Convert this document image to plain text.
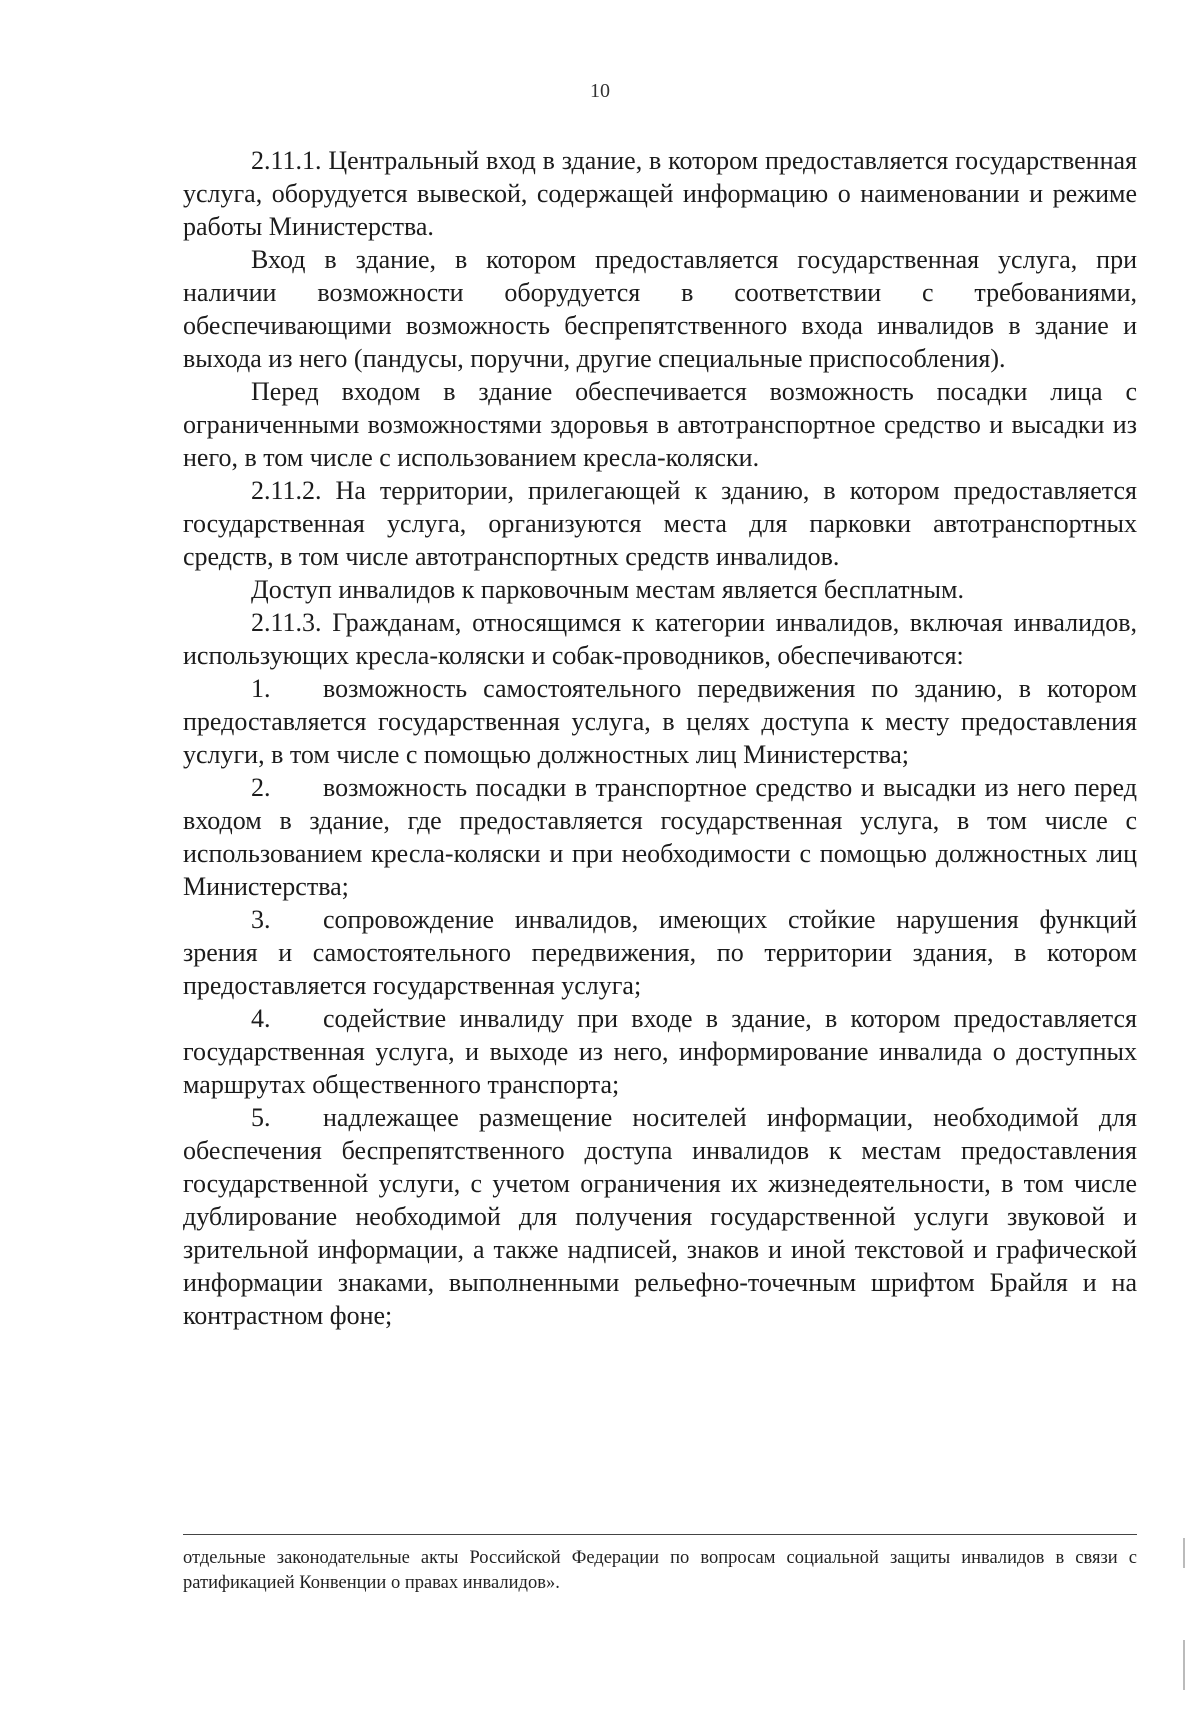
10

2.11.1. Центральный вход в здание, в котором предоставляется государственная услуга, оборудуется вывеской, содержащей информацию о наименовании и режиме работы Министерства.

Вход в здание, в котором предоставляется государственная услуга, при наличии возможности оборудуется в соответствии с требованиями, обеспечивающими возможность беспрепятственного входа инвалидов в здание и выхода из него (пандусы, поручни, другие специальные приспособления).

Перед входом в здание обеспечивается возможность посадки лица с ограниченными возможностями здоровья в автотранспортное средство и высадки из него, в том числе с использованием кресла-коляски.

2.11.2. На территории, прилегающей к зданию, в котором предоставляется государственная услуга, организуются места для парковки автотранспортных средств, в том числе автотранспортных средств инвалидов.

Доступ инвалидов к парковочным местам является бесплатным.

2.11.3. Гражданам, относящимся к категории инвалидов, включая инвалидов, использующих кресла-коляски и собак-проводников, обеспечиваются:

1. возможность самостоятельного передвижения по зданию, в котором предоставляется государственная услуга, в целях доступа к месту предоставления услуги, в том числе с помощью должностных лиц Министерства;

2. возможность посадки в транспортное средство и высадки из него перед входом в здание, где предоставляется государственная услуга, в том числе с использованием кресла-коляски и при необходимости с помощью должностных лиц Министерства;

3. сопровождение инвалидов, имеющих стойкие нарушения функций зрения и самостоятельного передвижения, по территории здания, в котором предоставляется государственная услуга;

4. содействие инвалиду при входе в здание, в котором предоставляется государственная услуга, и выходе из него, информирование инвалида о доступных маршрутах общественного транспорта;

5. надлежащее размещение носителей информации, необходимой для обеспечения беспрепятственного доступа инвалидов к местам предоставления государственной услуги, с учетом ограничения их жизнедеятельности, в том числе дублирование необходимой для получения государственной услуги звуковой и зрительной информации, а также надписей, знаков и иной текстовой и графической информации знаками, выполненными рельефно-точечным шрифтом Брайля и на контрастном фоне;

отдельные законодательные акты Российской Федерации по вопросам социальной защиты инвалидов в связи с ратификацией Конвенции о правах инвалидов».
